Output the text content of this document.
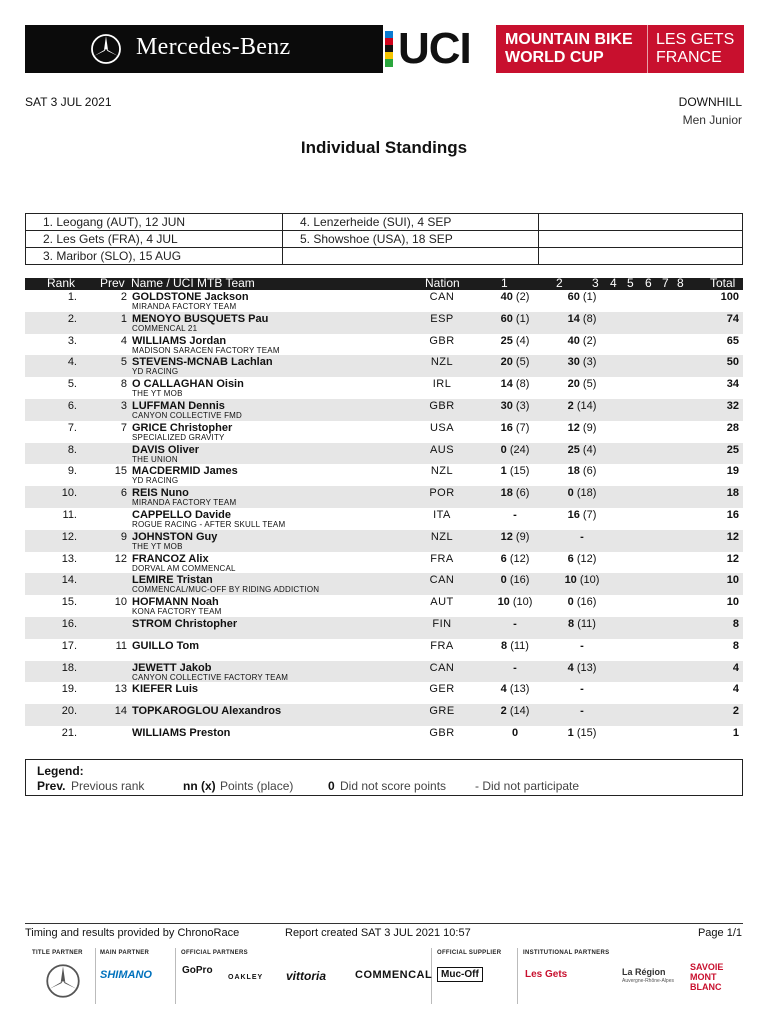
Mercedes-Benz UCI MOUNTAIN BIKE
WORLD CUP
LES GETS
FRANCE
SAT 3 JUL 2021	DOWNHILL
Men Junior
Individual Standings
1. Leogang (AUT), 12 JUN	4. Lenzerheide (SUI), 4 SEP
2. Les Gets (FRA), 4 JUL	5. Showshoe (USA), 18 SEP
3. Maribor (SLO), 15 AUG
Rank Prev Name / UCI MTB Team	Nation	1	2 3 4 5 6 7 8 Total
1.	2 GOLDSTONE Jackson
MIRANDA FACTORY TEAM
CAN	40 (2)	60 (1)	100
2.	1 MENOYO BUSQUETS Pau
COMMENCAL 21
ESP	60 (1)	14 (8)	74
3.	4 WILLIAMS Jordan
MADISON SARACEN FACTORY TEAM
GBR	25 (4)	40 (2)	65
4.	5 STEVENS-MCNAB Lachlan
YD RACING
NZL	20 (5)	30 (3)	50
5.	8 O CALLAGHAN Oisin
THE YT MOB
IRL	14 (8)	20 (5)	34
6.	3 LUFFMAN Dennis
CANYON COLLECTIVE FMD
GBR	30 (3)	2 (14)	32
7.	7 GRICE Christopher
SPECIALIZED GRAVITY
USA	16 (7)	12 (9)	28
8.	DAVIS Oliver
THE UNION
AUS	0 (24)	25 (4)	25
9.	15 MACDERMID James
YD RACING
NZL	1 (15)	18 (6)	19
10.	6 REIS Nuno
MIRANDA FACTORY TEAM
POR	18 (6)	0 (18)	18
11.	CAPPELLO Davide
ROGUE RACING - AFTER SKULL TEAM
ITA	-	16 (7)	16
12.	9 JOHNSTON Guy
THE YT MOB
NZL	12 (9)	-	12
13.	12 FRANCOZ Alix
DORVAL AM COMMENCAL
FRA	6 (12)	6 (12)	12
14.	LEMIRE Tristan
COMMENCAL/MUC-OFF BY RIDING ADDICTION
CAN	0 (16)	10 (10)	10
15.	10 HOFMANN Noah
KONA FACTORY TEAM
AUT	10 (10)	0 (16)	10
16.	STROM Christopher	FIN	-	8 (11)	8
17.	11 GUILLO Tom	FRA	8 (11)	-	8
18.	JEWETT Jakob
CANYON COLLECTIVE FACTORY TEAM
CAN	-	4 (13)	4
19.	13 KIEFER Luis	GER	4 (13)	-	4
20.	14 TOPKAROGLOU Alexandros	GRE	2 (14)	-	2
21.	WILLIAMS Preston	GBR	0	1 (15)	1
Legend:
Prev. Previous rank	nn (x) Points (place)	0 Did not score points - Did not participate
Timing and results provided by ChronoRace	Report created SAT 3 JUL 2021 10:57	Page 1/1
TITLE PARTNER	MAIN PARTNER	OFFICIAL PARTNERS	OFFICIAL SUPPLIER	INSTITUTIONAL PARTNERS
SHIMANO	GoPro
OAKLEY vittoria	COMMENCAL Muc-Off	Les Gets	La Région
Auvergne-Rhône-Alpes
SAVOIE
MONT
BLANC
